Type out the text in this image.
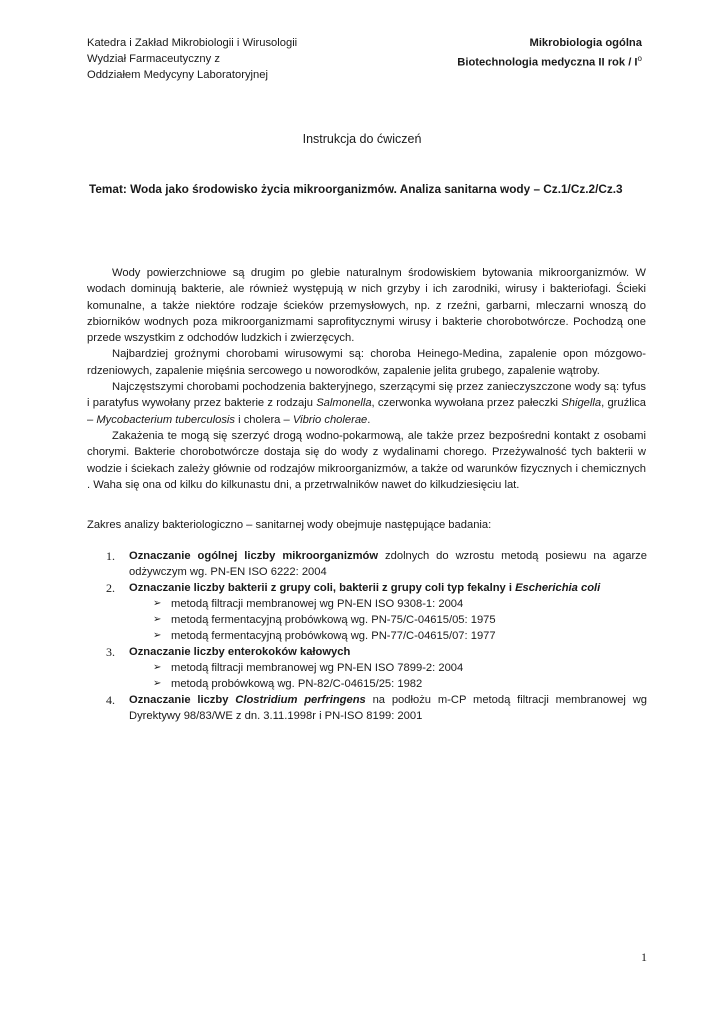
Katedra i Zakład Mikrobiologii i Wirusologii
Wydział Farmaceutyczny z
Oddziałem Medycyny Laboratoryjnej
Mikrobiologia ogólna
Biotechnologia medyczna II rok / $I^o$
Instrukcja do ćwiczeń
Temat: Woda jako środowisko życia mikroorganizmów. Analiza sanitarna wody – Cz.1/Cz.2/Cz.3

Wody powierzchniowe są drugim po glebie naturalnym środowiskiem bytowania mikroorganizmów. W wodach dominują bakterie, ale również występują w nich grzyby i ich zarodniki, wirusy i bakteriofagi. Ścieki komunalne, a także niektóre rodzaje ścieków przemysłowych, np. z rzeźni, garbarni, mleczarni wnoszą do zbiorników wodnych poza mikroorganizmami saprofitycznymi wirusy i bakterie chorobotwórcze. Pochodzą one przede wszystkim z odchodów ludzkich i zwierzęcych.

Najbardziej groźnymi chorobami wirusowymi są: choroba Heinego-Medina, zapalenie opon mózgowo-rdzeniowych, zapalenie mięśnia sercowego u noworodków, zapalenie jelita grubego, zapalenie wątroby.

Najczęstszymi chorobami pochodzenia bakteryjnego, szerzącymi się przez zanieczyszczone wody są: tyfus i paratyfus wywołany przez bakterie z rodzaju Salmonella, czerwonka wywołana przez pałeczki Shigella, gruźlica – Mycobacterium tuberculosis i cholera – Vibrio cholerae.

Zakażenia te mogą się szerzyć drogą wodno-pokarmową, ale także przez bezpośredni kontakt z osobami chorymi. Bakterie chorobotwórcze dostaja się do wody z wydalinami chorego. Przeżywalność tych bakterii w wodzie i ściekach zależy głównie od rodzajów mikroorganizmów, a także od warunków fizycznych i chemicznych . Waha się ona od kilku do kilkunastu dni, a przetrwalników nawet do kilkudziesięciu lat.

Zakres analizy bakteriologiczno – sanitarnej wody obejmuje następujące badania:
1. Oznaczanie ogólnej liczby mikroorganizmów zdolnych do wzrostu metodą posiewu na agarze odżywczym wg. PN-EN ISO 6222: 2004
2. Oznaczanie liczby bakterii z grupy coli, bakterii z grupy coli typ fekalny i Escherichia coli
➢ metodą filtracji membranowej wg PN-EN ISO 9308-1: 2004
➢ metodą fermentacyjną probówkową wg. PN-75/C-04615/05: 1975
➢ metodą fermentacyjną probówkową wg. PN-77/C-04615/07: 1977
3. Oznaczanie liczby enterokoków kałowych
➢ metodą filtracji membranowej wg PN-EN ISO 7899-2: 2004
➢ metodą probówkową wg. PN-82/C-04615/25: 1982
4. Oznaczanie liczby Clostridium perfringens na podłożu m-CP metodą filtracji membranowej wg Dyrektywy 98/83/WE z dn. 3.11.1998r i PN-ISO 8199: 2001
1
